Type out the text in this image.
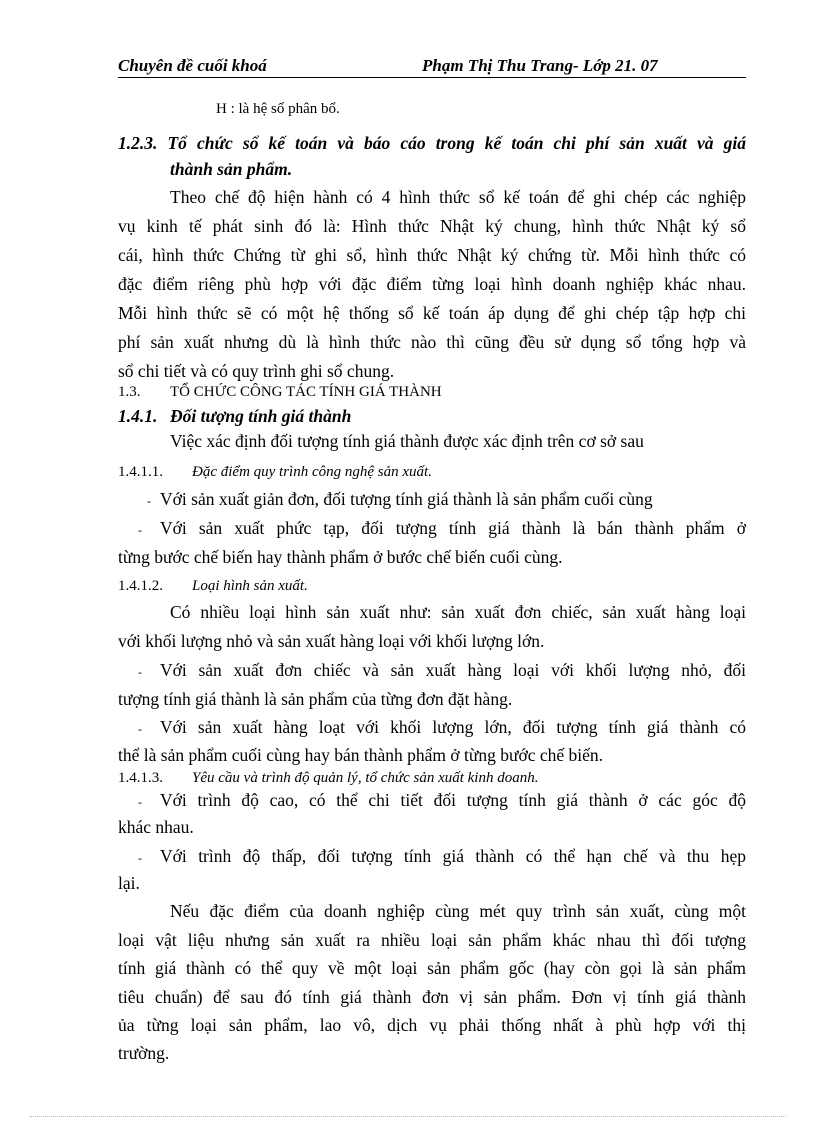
Chuyên đề cuối khoá	Phạm Thị Thu Trang- Lớp 21. 07
H : là hệ số phân bổ.
1.2.3. Tổ chức sổ kế toán và báo cáo trong kế toán chi phí sản xuất và giá
thành sản phẩm.
Theo chế độ hiện hành có 4 hình thức sổ kế toán để ghi chép các nghiệp
vụ kinh tế phát sinh đó là: Hình thức Nhật ký chung, hình thức Nhật ký sổ
cái, hình thức Chứng từ ghi sổ, hình thức Nhật ký chứng từ. Mỗi hình thức có
đặc điểm riêng phù hợp với đặc điểm từng loại hình doanh nghiệp khác nhau.
Mỗi hình thức sẽ có một hệ thống sổ kế toán áp dụng để ghi chép tập hợp chi
phí sản xuất nhưng dù là hình thức nào thì cũng đều sử dụng sổ tổng hợp và
sổ chi tiết và có quy trình ghi sổ chung.
1.3. TỔ CHỨC CÔNG TÁC TÍNH GIÁ THÀNH
1.4.1. Đối tượng tính giá thành
Việc xác định đối tượng tính giá thành được xác định trên cơ sở sau
1.4.1.1. Đặc điểm quy trình công nghệ sản xuất.
- Với sản xuất giản đơn, đối tượng tính giá thành là sản phẩm cuối cùng
- Với sản xuất phức tạp, đối tượng tính giá thành là bán thành phẩm ở
từng bước chế biến hay thành phẩm ở bước chế biến cuối cùng.
1.4.1.2. Loại hình sản xuất.
Có nhiều loại hình sản xuất như: sản xuất đơn chiếc, sản xuất hàng loại
với khối lượng nhỏ và sản xuất hàng loại với khối lượng lớn.
- Với sản xuất đơn chiếc và sản xuất hàng loại với khối lượng nhỏ, đối
tượng tính giá thành là sản phẩm của từng đơn đặt hàng.
- Với sản xuất hàng loạt với khối lượng lớn, đối tượng tính giá thành có
thể là sản phẩm cuối cùng hay bán thành phẩm ở từng bước chế biến.
1.4.1.3. Yêu cầu và trình độ quản lý, tổ chức sản xuất kinh doanh.
- Với trình độ cao, có thể chi tiết đối tượng tính giá thành ở các góc độ
khác nhau.
- Với trình độ thấp, đối tượng tính giá thành có thể hạn chế và thu hẹp
lại.
Nếu đặc điểm của doanh nghiệp cùng mét quy trình sản xuất, cùng một
loại vật liệu nhưng sản xuất ra nhiều loại sản phẩm khác nhau thì đối tượng
tính giá thành có thể quy về một loại sản phẩm gốc (hay còn gọi là sản phẩm
tiêu chuẩn) để sau đó tính giá thành đơn vị sản phẩm. Đơn vị tính giá thành
ủa từng loại sản phẩm, lao vô, dịch vụ phải thống nhất à phù hợp với thị
trường.
